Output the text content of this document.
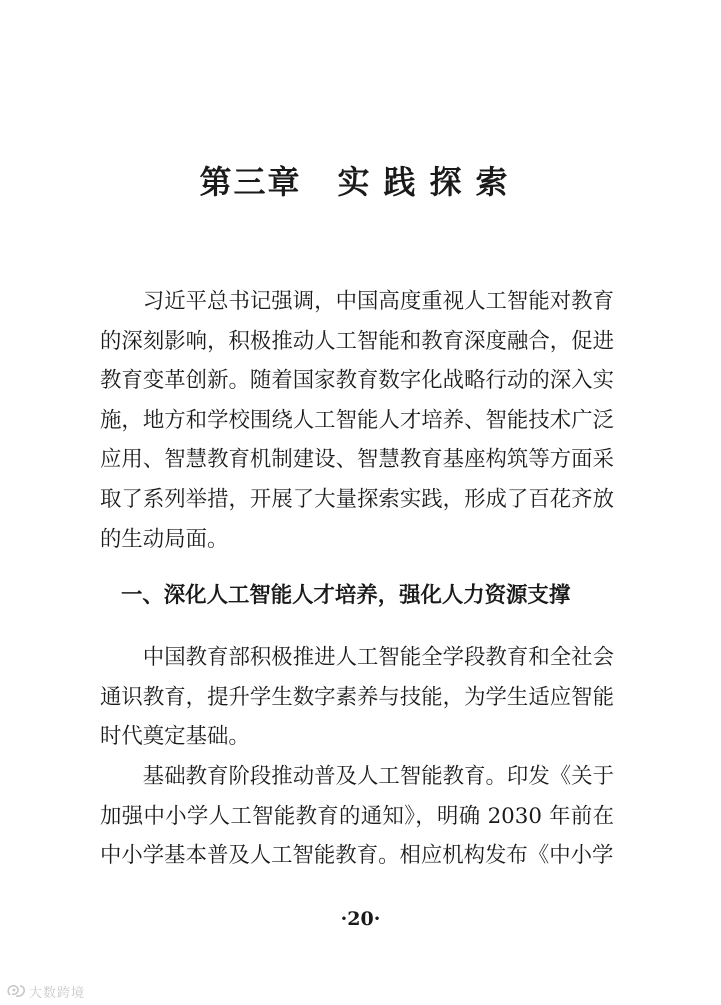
第三章 实践探索

习近平总书记强调，中国高度重视人工智能对教育的深刻影响，积极推动人工智能和教育深度融合，促进教育变革创新。随着国家教育数字化战略行动的深入实施，地方和学校围绕人工智能人才培养、智能技术广泛应用、智慧教育机制建设、智慧教育基座构筑等方面采取了系列举措，开展了大量探索实践，形成了百花齐放的生动局面。

一、深化人工智能人才培养，强化人力资源支撑

中国教育部积极推进人工智能全学段教育和全社会通识教育，提升学生数字素养与技能，为学生适应智能时代奠定基础。

基础教育阶段推动普及人工智能教育。印发《关于加强中小学人工智能教育的通知》，明确 2030 年前在中小学基本普及人工智能教育。相应机构发布《中小学

·20·
大数跨境
